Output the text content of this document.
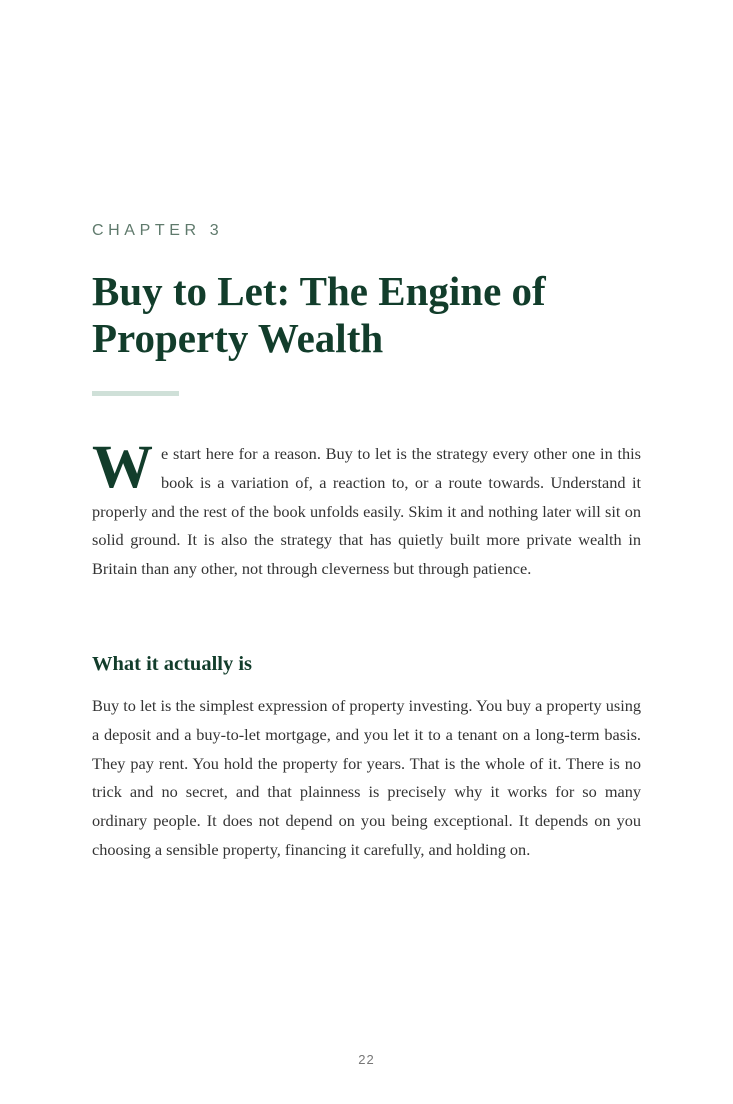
CHAPTER 3
Buy to Let: The Engine of Property Wealth

We start here for a reason. Buy to let is the strategy every other one in this book is a variation of, a reaction to, or a route towards. Understand it properly and the rest of the book unfolds easily. Skim it and nothing later will sit on solid ground. It is also the strategy that has quietly built more private wealth in Britain than any other, not through cleverness but through patience.

What it actually is

Buy to let is the simplest expression of property investing. You buy a property using a deposit and a buy-to-let mortgage, and you let it to a tenant on a long-term basis. They pay rent. You hold the property for years. That is the whole of it. There is no trick and no secret, and that plainness is precisely why it works for so many ordinary people. It does not depend on you being exceptional. It depends on you choosing a sensible property, financing it carefully, and holding on.

22
